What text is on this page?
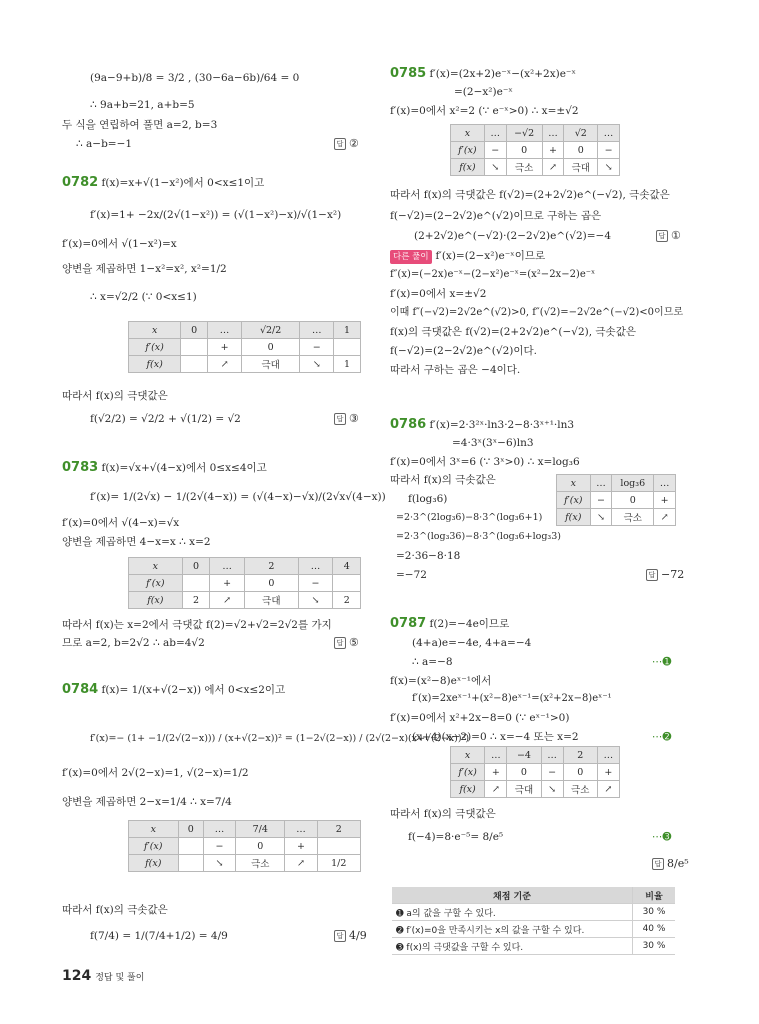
(9a−9+b)/8 = 3/2 , (30−6a−6b)/64 = 0
∴ 9a+b=21, a+b=5
두 식을 연립하여 풀면 a=2, b=3
∴ a−b=−1	답 ②
0782 f(x)=x+√(1−x²)에서 0<x≤1이고
f′(x)=1+ −2x/(2√(1−x²)) = (√(1−x²)−x)/√(1−x²)
f′(x)=0에서 √(1−x²)=x
양변을 제곱하면 1−x²=x², x²=1/2
∴ x=√2/2 (∵ 0<x≤1)
x	0	…	√2/2	…	1
f′(x)		+	0	−	
f(x)		↗	극대	↘	1
따라서 f(x)의 극댓값은
f(√2/2) = √2/2 + √(1/2) = √2	답 ③
0783 f(x)=√x+√(4−x)에서 0≤x≤4이고
f′(x)= 1/(2√x) − 1/(2√(4−x)) = (√(4−x)−√x)/(2√x√(4−x))
f′(x)=0에서 √(4−x)=√x
양변을 제곱하면 4−x=x ∴ x=2
x	0	…	2	…	4
f′(x)		+	0	−	
f(x)	2	↗	극대	↘	2
따라서 f(x)는 x=2에서 극댓값 f(2)=√2+√2=2√2를 가지
므로 a=2, b=2√2 ∴ ab=4√2	답 ⑤
0784 f(x)= 1/(x+√(2−x)) 에서 0<x≤2이고
f′(x)=− (1+ −1/(2√(2−x))) / (x+√(2−x))² = (1−2√(2−x)) / (2√(2−x)(x+√(2−x))²)
f′(x)=0에서 2√(2−x)=1, √(2−x)=1/2
양변을 제곱하면 2−x=1/4 ∴ x=7/4
x	0	…	7/4	…	2
f′(x)		−	0	+	
f(x)		↘	극소	↗	1/2
따라서 f(x)의 극솟값은
f(7/4) = 1/(7/4+1/2) = 4/9	답 4/9
0785 f′(x)=(2x+2)e⁻ˣ−(x²+2x)e⁻ˣ
=(2−x²)e⁻ˣ
f′(x)=0에서 x²=2 (∵ e⁻ˣ>0) ∴ x=±√2
x	…	−√2	…	√2	…
f′(x)	−	0	+	0	−
f(x)	↘	극소	↗	극대	↘
따라서 f(x)의 극댓값은 f(√2)=(2+2√2)e^(−√2), 극솟값은
f(−√2)=(2−2√2)e^(√2)이므로 구하는 곱은
(2+2√2)e^(−√2)·(2−2√2)e^(√2)=−4	답 ①
다른 풀이 f′(x)=(2−x²)e⁻ˣ이므로
f″(x)=(−2x)e⁻ˣ−(2−x²)e⁻ˣ=(x²−2x−2)e⁻ˣ
f′(x)=0에서 x=±√2
이때 f″(−√2)=2√2e^(√2)>0, f″(√2)=−2√2e^(−√2)<0이므로
f(x)의 극댓값은 f(√2)=(2+2√2)e^(−√2), 극솟값은
f(−√2)=(2−2√2)e^(√2)이다.
따라서 구하는 곱은 −4이다.
0786 f′(x)=2·3²ˣ·ln3·2−8·3ˣ⁺¹·ln3
=4·3ˣ(3ˣ−6)ln3
f′(x)=0에서 3ˣ=6 (∵ 3ˣ>0) ∴ x=log₃6
따라서 f(x)의 극솟값은
f(log₃6)
=2·3^(2log₃6)−8·3^(log₃6+1)
=2·3^(log₃36)−8·3^(log₃6+log₃3)
=2·36−8·18
=−72
x	…	log₃6	…
f′(x)	−	0	+
f(x)	↘	극소	↗
답 −72
0787 f(2)=−4e이므로
(4+a)e=−4e, 4+a=−4
∴ a=−8	⋯➊
f(x)=(x²−8)eˣ⁻¹에서
f′(x)=2xeˣ⁻¹+(x²−8)eˣ⁻¹=(x²+2x−8)eˣ⁻¹
f′(x)=0에서 x²+2x−8=0 (∵ eˣ⁻¹>0)
(x+4)(x−2)=0 ∴ x=−4 또는 x=2	⋯➋
x	…	−4	…	2	…
f′(x)	+	0	−	0	+
f(x)	↗	극대	↘	극소	↗
따라서 f(x)의 극댓값은
f(−4)=8·e⁻⁵= 8/e⁵	⋯➌
답 8/e⁵
채점 기준	비율
➊ a의 값을 구할 수 있다.	30 %
➋ f′(x)=0을 만족시키는 x의 값을 구할 수 있다.	40 %
➌ f(x)의 극댓값을 구할 수 있다.	30 %
124 정답 및 풀이
